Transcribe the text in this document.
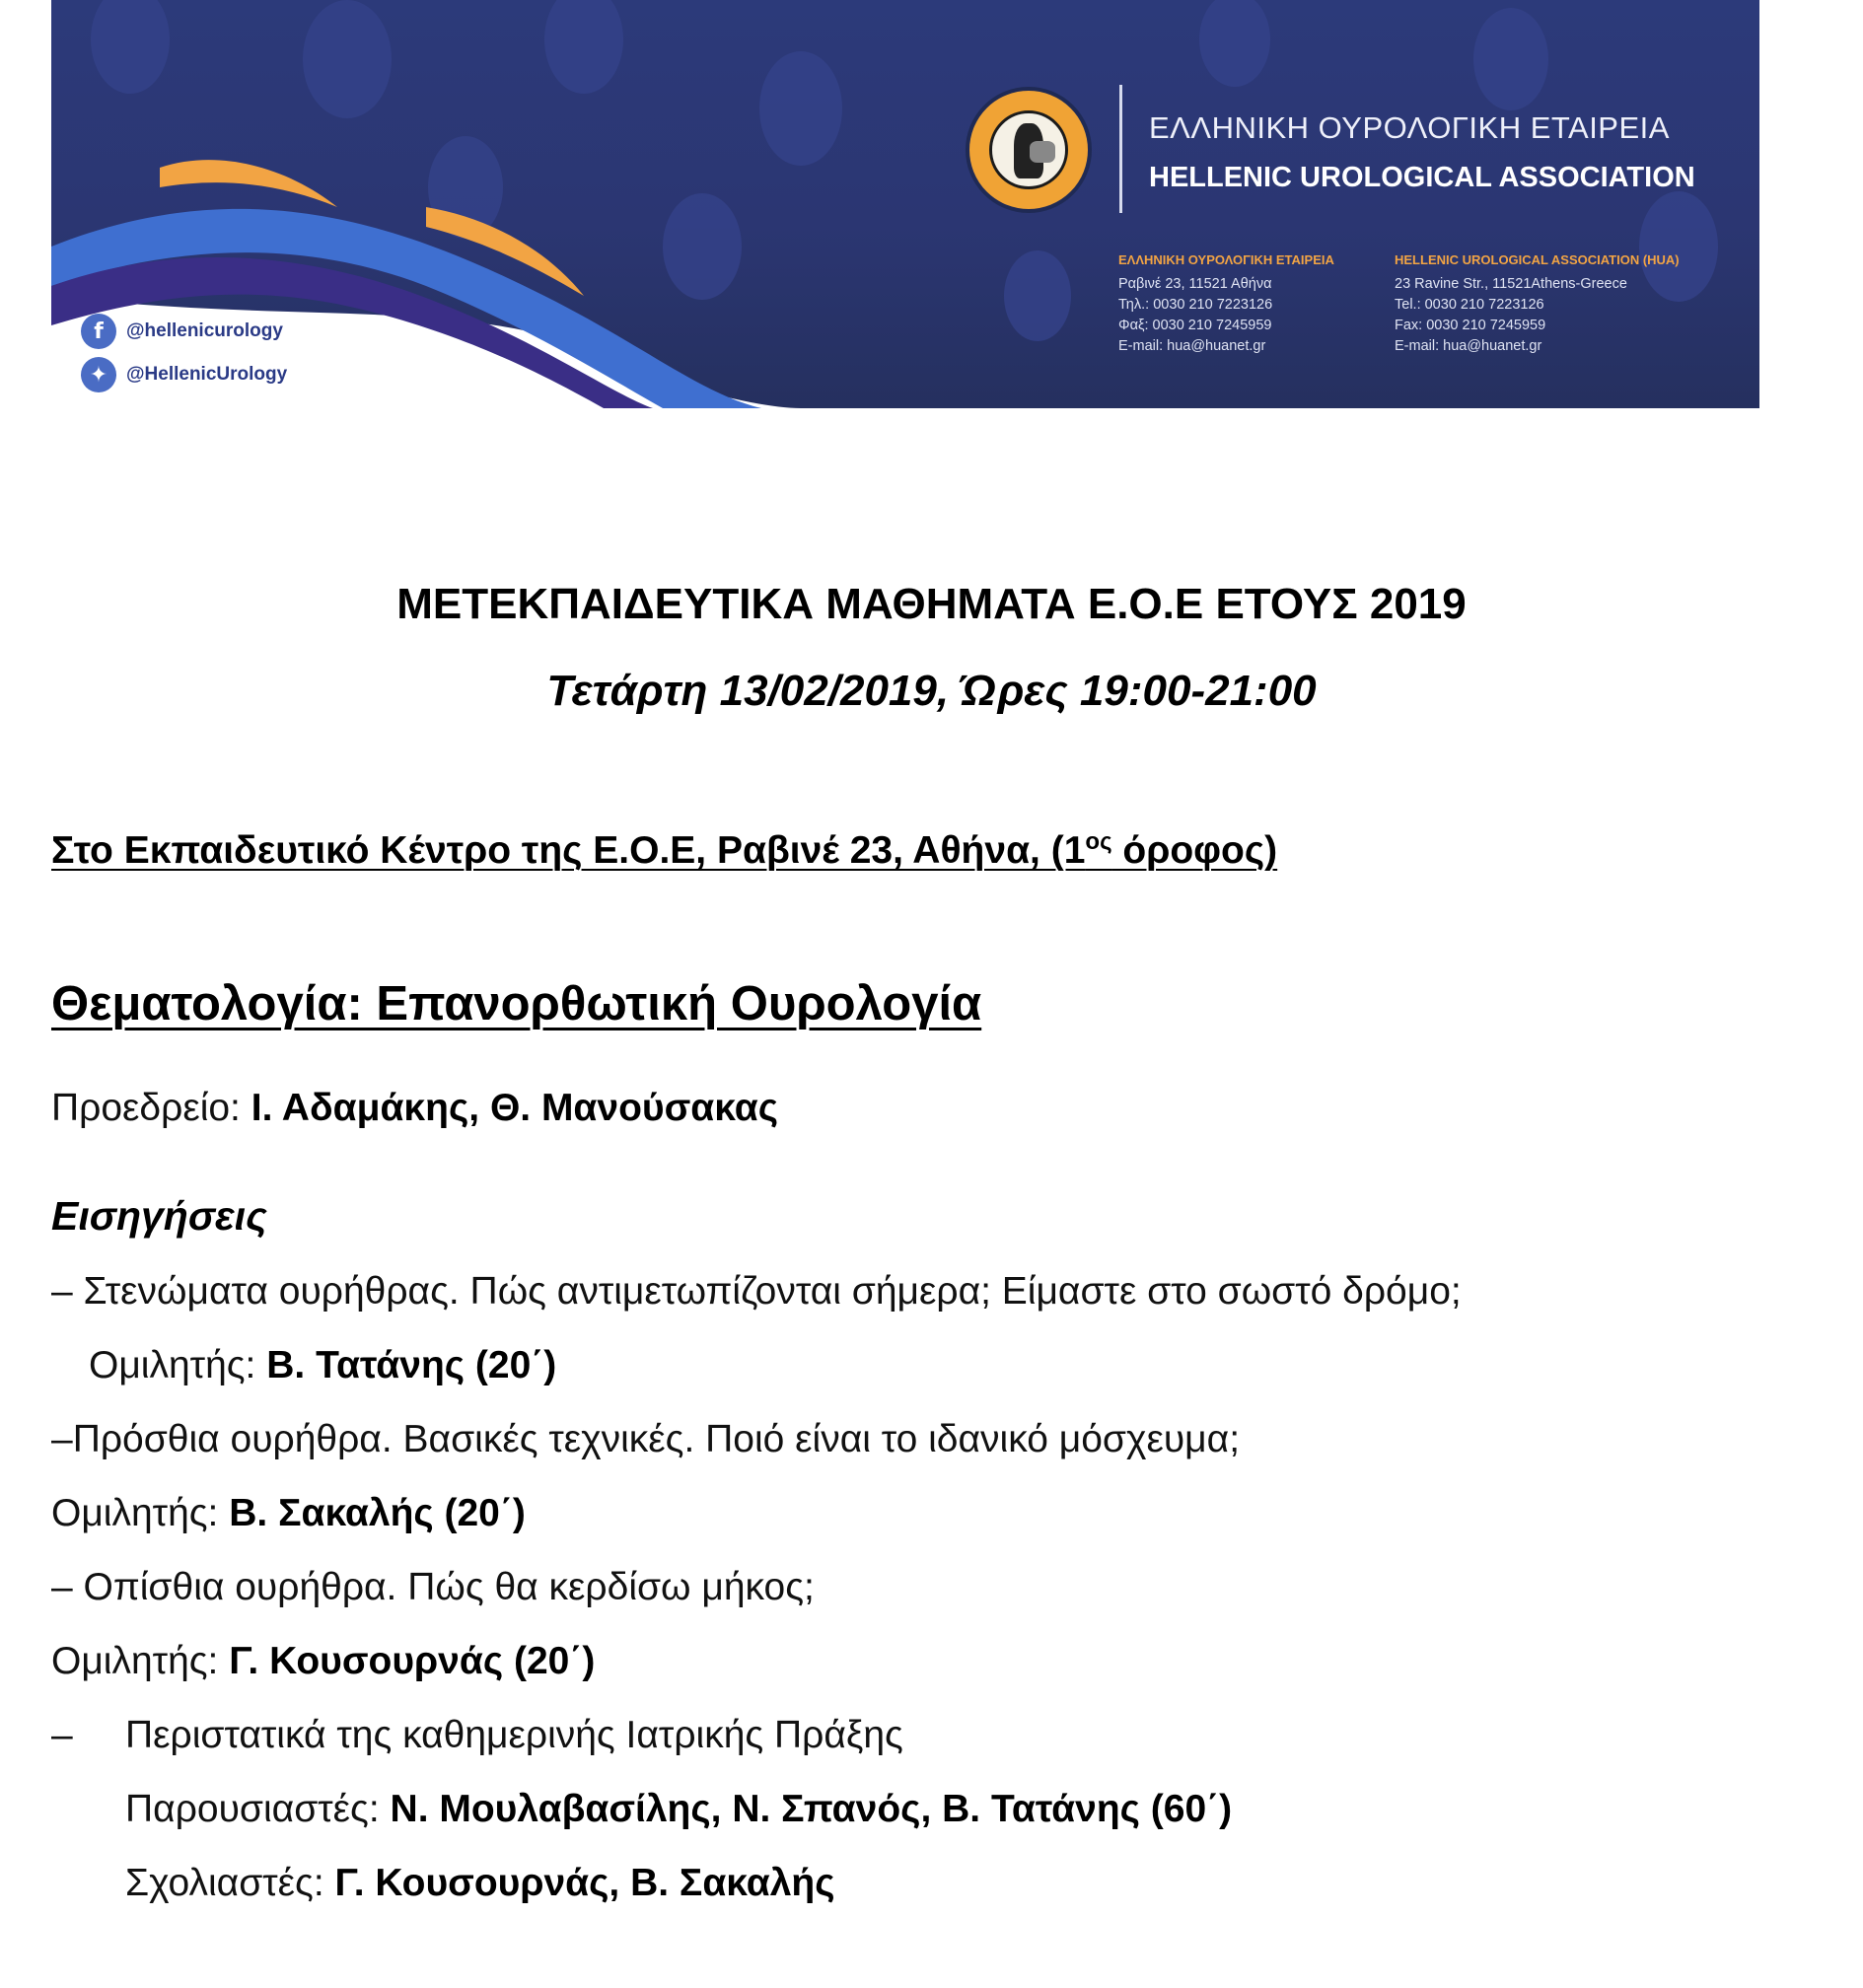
f	@hellenicurology
✦ @HellenicUrology
ΕΛΛΗΝΙΚΗ ΟΥΡΟΛΟΓΙΚΗ ΕΤΑΙΡΕΙΑ
HELLENIC UROLOGICAL ASSOCIATION
ΕΛΛΗΝΙΚΗ ΟΥΡΟΛΟΓΙΚΗ ΕΤΑΙΡΕΙΑ
Ραβινέ 23, 11521 Αθήνα
Τηλ.: 0030 210 7223126
Φαξ: 0030 210 7245959
E-mail: hua@huanet.gr
HELLENIC UROLOGICAL ASSOCIATION (HUA)
23 Ravine Str., 11521Athens-Greece
Tel.: 0030 210 7223126
Fax: 0030 210 7245959
E-mail: hua@huanet.gr
ΜΕΤΕΚΠΑΙΔΕΥΤΙΚΑ ΜΑΘΗΜΑΤΑ Ε.Ο.Ε ΕΤΟΥΣ 2019
Τετάρτη 13/02/2019, Ώρες 19:00-21:00
Στο Εκπαιδευτικό Κέντρο της Ε.Ο.Ε, Ραβινέ 23, Αθήνα, ($1^{o\varsigma}$ όροφος)
Θεματολογία: Επανορθωτική Ουρολογία
Προεδρείο: Ι. Αδαμάκης, Θ. Μανούσακας
Εισηγήσεις
– Στενώματα ουρήθρας. Πώς αντιμετωπίζονται σήμερα; Είμαστε στο σωστό δρόμο;
Ομιλητής: Β. Τατάνης (20΄)
–Πρόσθια ουρήθρα. Βασικές τεχνικές. Ποιό είναι το ιδανικό μόσχευμα;
Ομιλητής: Β. Σακαλής (20΄)
– Οπίσθια ουρήθρα. Πώς θα κερδίσω μήκος;
Ομιλητής: Γ. Κουσουρνάς (20΄)
– Περιστατικά της καθημερινής Ιατρικής Πράξης
Παρουσιαστές: Ν. Μουλαβασίλης, Ν. Σπανός, Β. Τατάνης (60΄)
Σχολιαστές: Γ. Κουσουρνάς, Β. Σακαλής
